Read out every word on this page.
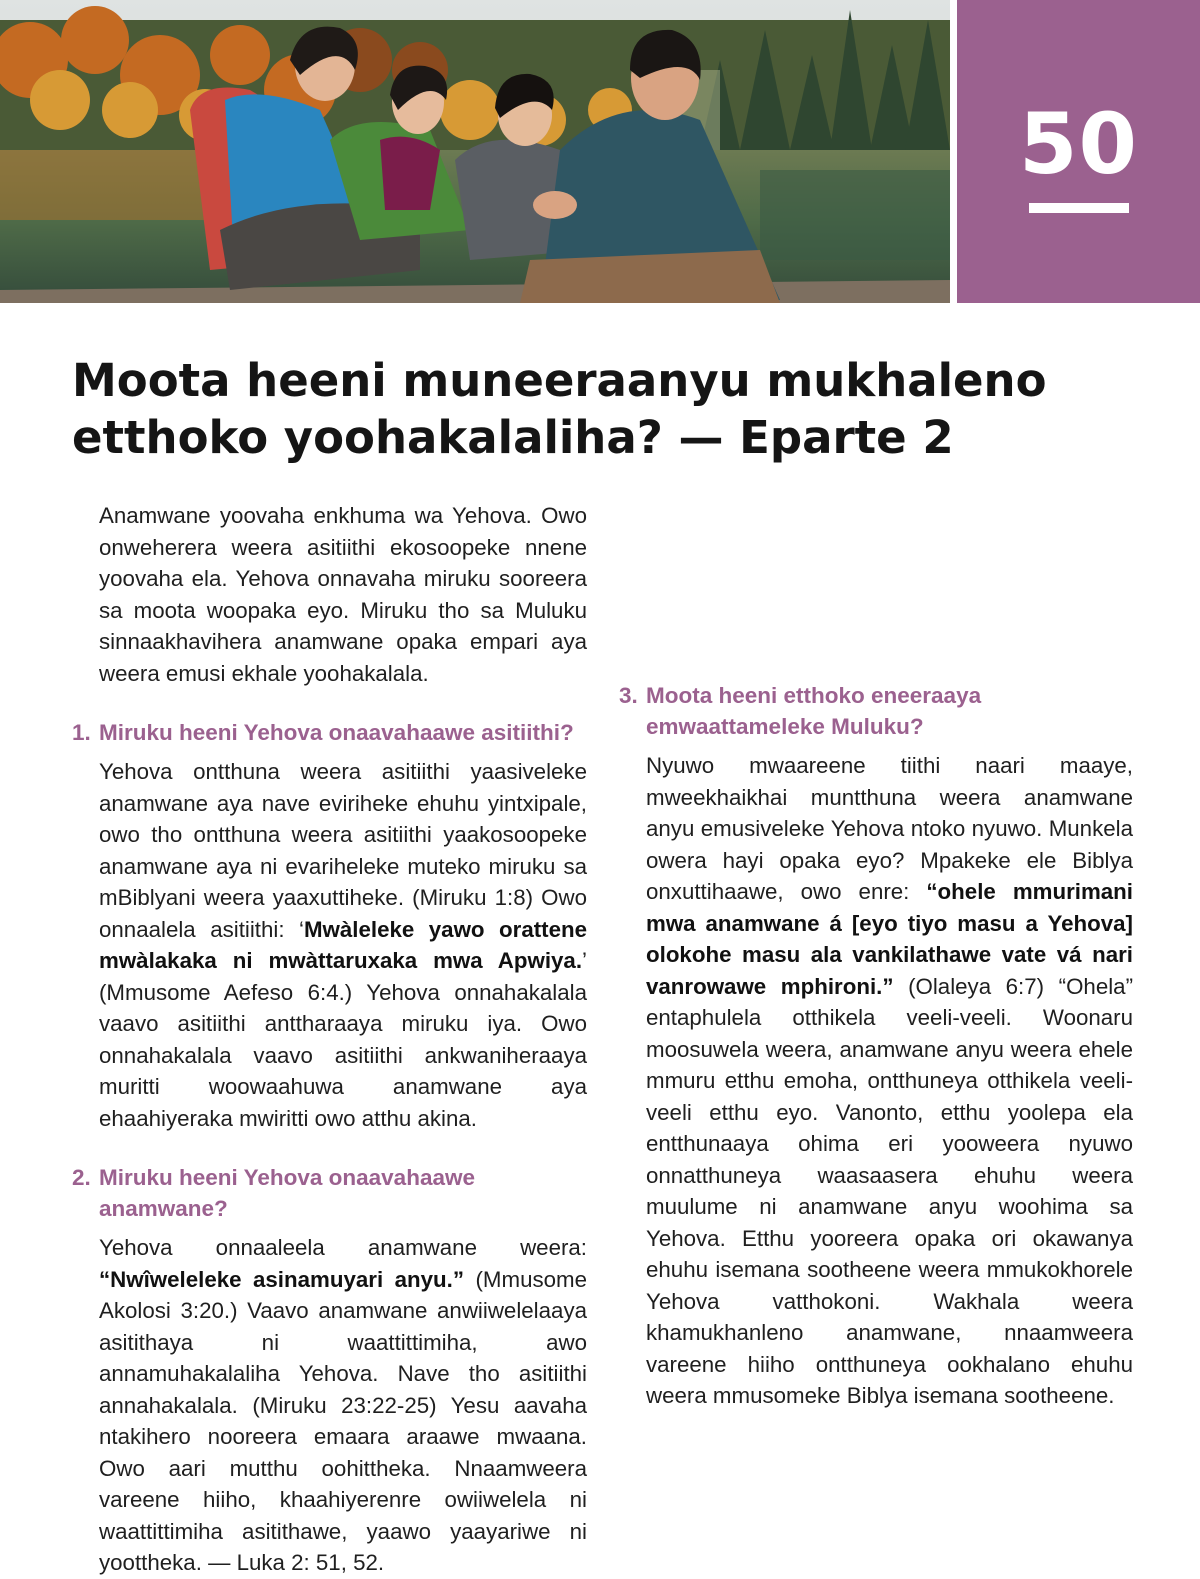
50
Moota heeni muneeraanyu mukhaleno etthoko yoohakalaliha? — Eparte 2

Anamwane yoovaha enkhuma wa Yehova. Owo onweherera weera asitiithi ekosoopeke nnene yoovaha ela. Yehova onnavaha miruku sooreera sa moota woopaka eyo. Miruku tho sa Muluku sinnaakhavihera anamwane opaka empari aya weera emusi ekhale yoohakalala.

1. Miruku heeni Yehova onaavahaawe asitiithi?

Yehova ontthuna weera asitiithi yaasiveleke anamwane aya nave eviriheke ehuhu yintxipale, owo tho ontthuna weera asitiithi yaakosoopeke anamwane aya ni evariheleke muteko miruku sa mBiblyani weera yaaxuttiheke. (Miruku 1:8) Owo onnaalela asitiithi: ‘Mwàleleke yawo orattene mwàlakaka ni mwàttaruxaka mwa Apwiya.’ (Mmusome Aefeso 6:4.) Yehova onnahakalala vaavo asitiithi anttharaaya miruku iya. Owo onnahakalala vaavo asitiithi ankwaniheraaya muritti woowaahuwa anamwane aya ehaahiyeraka mwiritti owo atthu akina.

2. Miruku heeni Yehova onaavahaawe anamwane?

Yehova onnaaleela anamwane weera: “Nwîweleleke asinamuyari anyu.” (Mmusome Akolosi 3:20.) Vaavo anamwane anwiiwelelaaya asitithaya ni waattittimiha, awo annamuhakalaliha Yehova. Nave tho asitiithi annahakalala. (Miruku 23:22-25) Yesu aavaha ntakihero nooreera emaara araawe mwaana. Owo aari mutthu oohittheka. Nnaamweera vareene hiiho, khaahiyerenre owiiwelela ni waattittimiha asitithawe, yaawo yaayariwe ni yoottheka. — Luka 2: 51, 52.

3. Moota heeni etthoko eneeraaya emwaattameleke Muluku?

Nyuwo mwaareene tiithi naari maaye, mweekhaikhai muntthuna weera anamwane anyu emusiveleke Yehova ntoko nyuwo. Munkela owera hayi opaka eyo? Mpakeke ele Biblya onxuttihaawe, owo enre: “ohele mmurimani mwa anamwane á [eyo tiyo masu a Yehova] olokohe masu ala vankilathawe vate vá nari vanrowawe mphironi.” (Olaleya 6:7) “Ohela” entaphulela otthikela veeli-veeli. Woonaru moosuwela weera, anamwane anyu weera ehele mmuru etthu emoha, ontthuneya otthikela veeli-veeli etthu eyo. Vanonto, etthu yoolepa ela entthunaaya ohima eri yooweera nyuwo onnatthuneya waasaasera ehuhu weera muulume ni anamwane anyu woohima sa Yehova. Etthu yooreera opaka ori okawanya ehuhu isemana sootheene weera mmukokhorele Yehova vatthokoni. Wakhala weera khamukhanleno anamwane, nnaamweera vareene hiiho ontthuneya ookhalano ehuhu weera mmusomeke Biblya isemana sootheene.
